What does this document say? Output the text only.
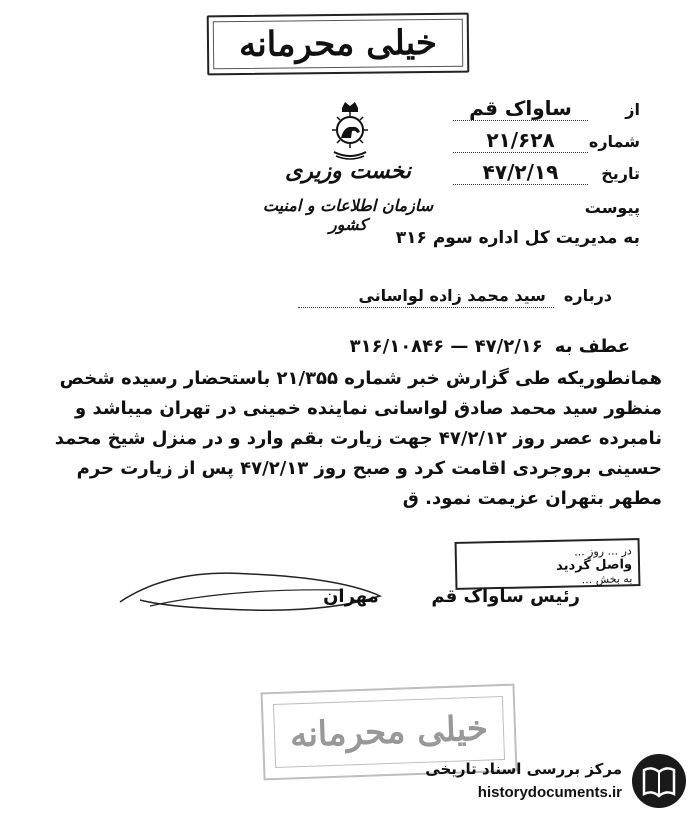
خیلی محرمانه
نخست وزیری
سازمان اطلاعات و امنیت کشور
از
ساواک قم
شماره
۲۱/۶۲۸
تاریخ
۴۷/۲/۱۹
پیوست
به مدیریت کل اداره سوم ۳۱۶
درباره
سید محمد زاده لواسانی
عطف به
۴۷/۲/۱۶ — ۳۱۶/۱۰۸۴۶
همانطوریکه طی گزارش خبر شماره ۲۱/۳۵۵ باستحضار رسیده شخص
منظور سید محمد صادق لواسانی نماینده خمینی در تهران میباشد و
نامبرده عصر روز ۴۷/۲/۱۲ جهت زیارت بقم وارد و در منزل شیخ محمد
حسینی بروجردی اقامت کرد و صبح روز ۴۷/۲/۱۳ پس از زیارت حرم
مطهر بتهران عزیمت نمود. ق
در ... روز ...
واصل گردید
به بخش ...
رئیس ساواک قم  مهران
خیلی محرمانه
مرکز بررسی اسناد تاریخی
historydocuments.ir
